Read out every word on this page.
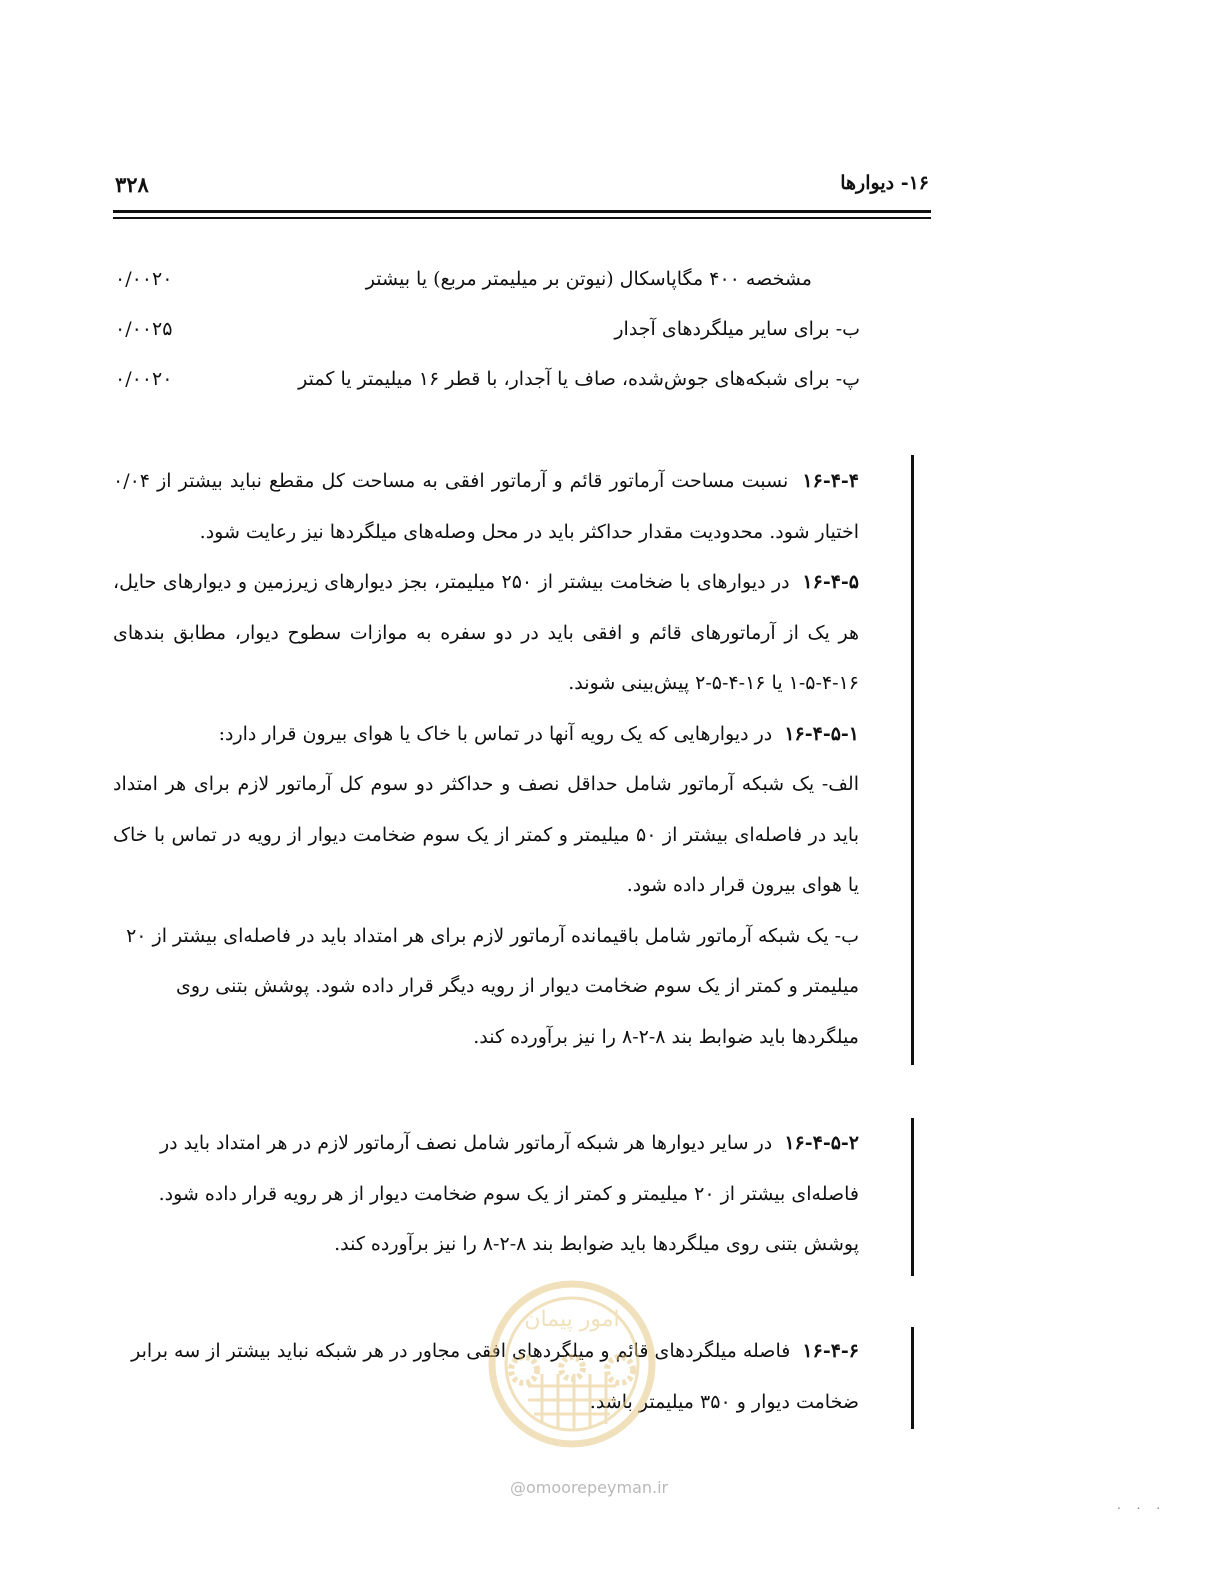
۳۲۸	۱۶- دیوارها
۰/۰۰۲۰	مشخصه ۴۰۰ مگاپاسکال (نیوتن بر میلیمتر مربع) یا بیشتر
۰/۰۰۲۵	ب- برای سایر میلگردهای آجدار
۰/۰۰۲۰	پ- برای شبکه‌های جوش‌شده، صاف یا آجدار، با قطر ۱۶ میلیمتر یا کمتر

۱۶-۴-۴  نسبت مساحت آرماتور قائم و آرماتور افقی به مساحت کل مقطع نباید بیشتر از ۰/۰۴ اختیار شود. محدودیت مقدار حداکثر باید در محل وصله‌های میلگردها نیز رعایت شود.

۱۶-۴-۵  در دیوارهای با ضخامت بیشتر از ۲۵۰ میلیمتر، بجز دیوارهای زیرزمین و دیوارهای حایل، هر یک از آرماتورهای قائم و افقی باید در دو سفره به موازات سطوح دیوار، مطابق بندهای ۱۶-۴-۵-۱ یا ۱۶-۴-۵-۲ پیش‌بینی شوند.

۱۶-۴-۵-۱  در دیوارهایی که یک رویه آنها در تماس با خاک یا هوای بیرون قرار دارد:

الف- یک شبکه آرماتور شامل حداقل نصف و حداکثر دو سوم کل آرماتور لازم برای هر امتداد باید در فاصله‌ای بیشتر از ۵۰ میلیمتر و کمتر از یک سوم ضخامت دیوار از رویه در تماس با خاک یا هوای بیرون قرار داده شود.

ب- یک شبکه آرماتور شامل باقیمانده آرماتور لازم برای هر امتداد باید در فاصله‌ای بیشتر از ۲۰ میلیمتر و کمتر از یک سوم ضخامت دیوار از رویه دیگر قرار داده شود. پوشش بتنی روی میلگردها باید ضوابط بند ۸-۲-۸ را نیز برآورده کند.

۱۶-۴-۵-۲  در سایر دیوارها هر شبکه آرماتور شامل نصف آرماتور لازم در هر امتداد باید در فاصله‌ای بیشتر از ۲۰ میلیمتر و کمتر از یک سوم ضخامت دیوار از هر رویه قرار داده شود. پوشش بتنی روی میلگردها باید ضوابط بند ۸-۲-۸ را نیز برآورده کند.

۱۶-۴-۶  فاصله میلگردهای قائم و میلگردهای افقی مجاور در هر شبکه نباید بیشتر از سه برابر ضخامت دیوار و ۳۵۰ میلیمتر باشد.

امور پیمان
@omoorepeyman.ir
. . .
